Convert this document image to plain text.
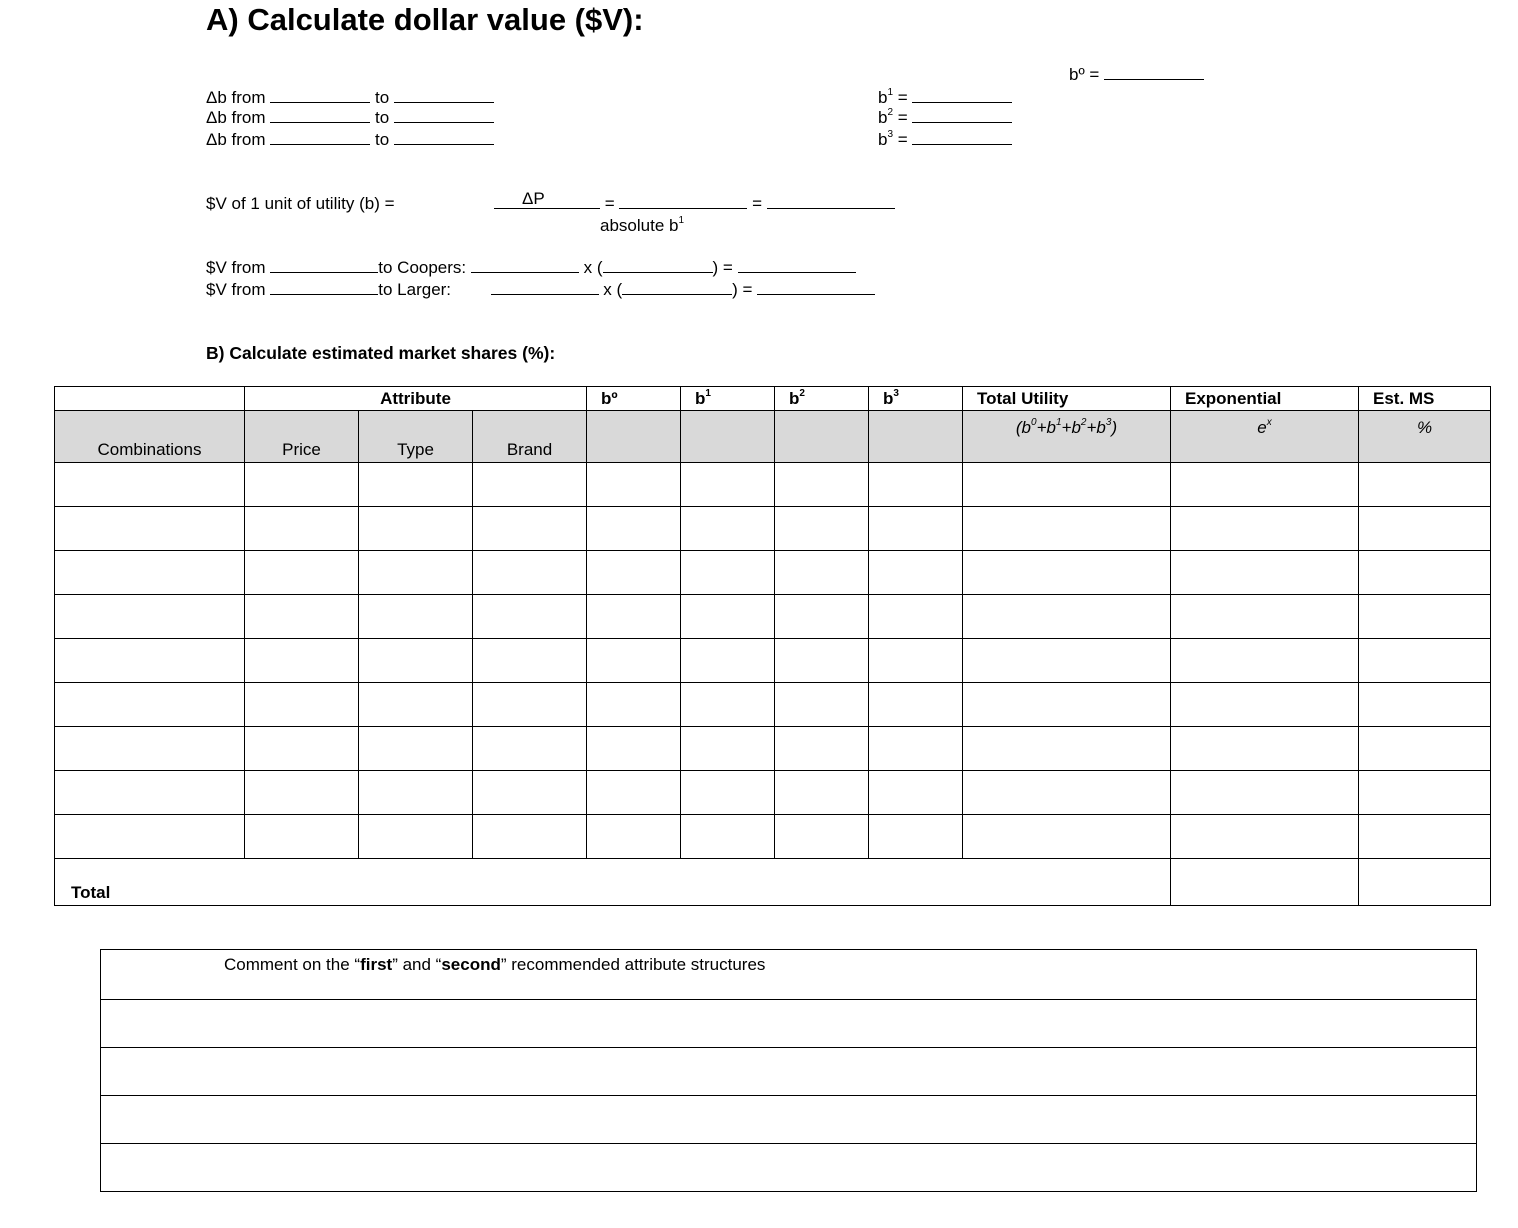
A) Calculate dollar value ($V):
bº =
Δb from	to
Δb from	to
Δb from	to
$b^1$ =
$b^2$ =
$b^3$ =
$V of 1 unit of utility (b) =	ΔP	=	=
absolute $b^1$
$V from	to Coopers:	x (	) =
$V from	to Larger:	x (	) =
B) Calculate estimated market shares (%):
	Attribute			bº	$b^1$	$b^2$	$b^3$	Total Utility	Exponential	Est. MS
Combinations	Price	Type	Brand					$(b^0+b^1+b^2+b^3)$	$e^x$	%

Total										
Comment on the “first” and “second” recommended attribute structures
